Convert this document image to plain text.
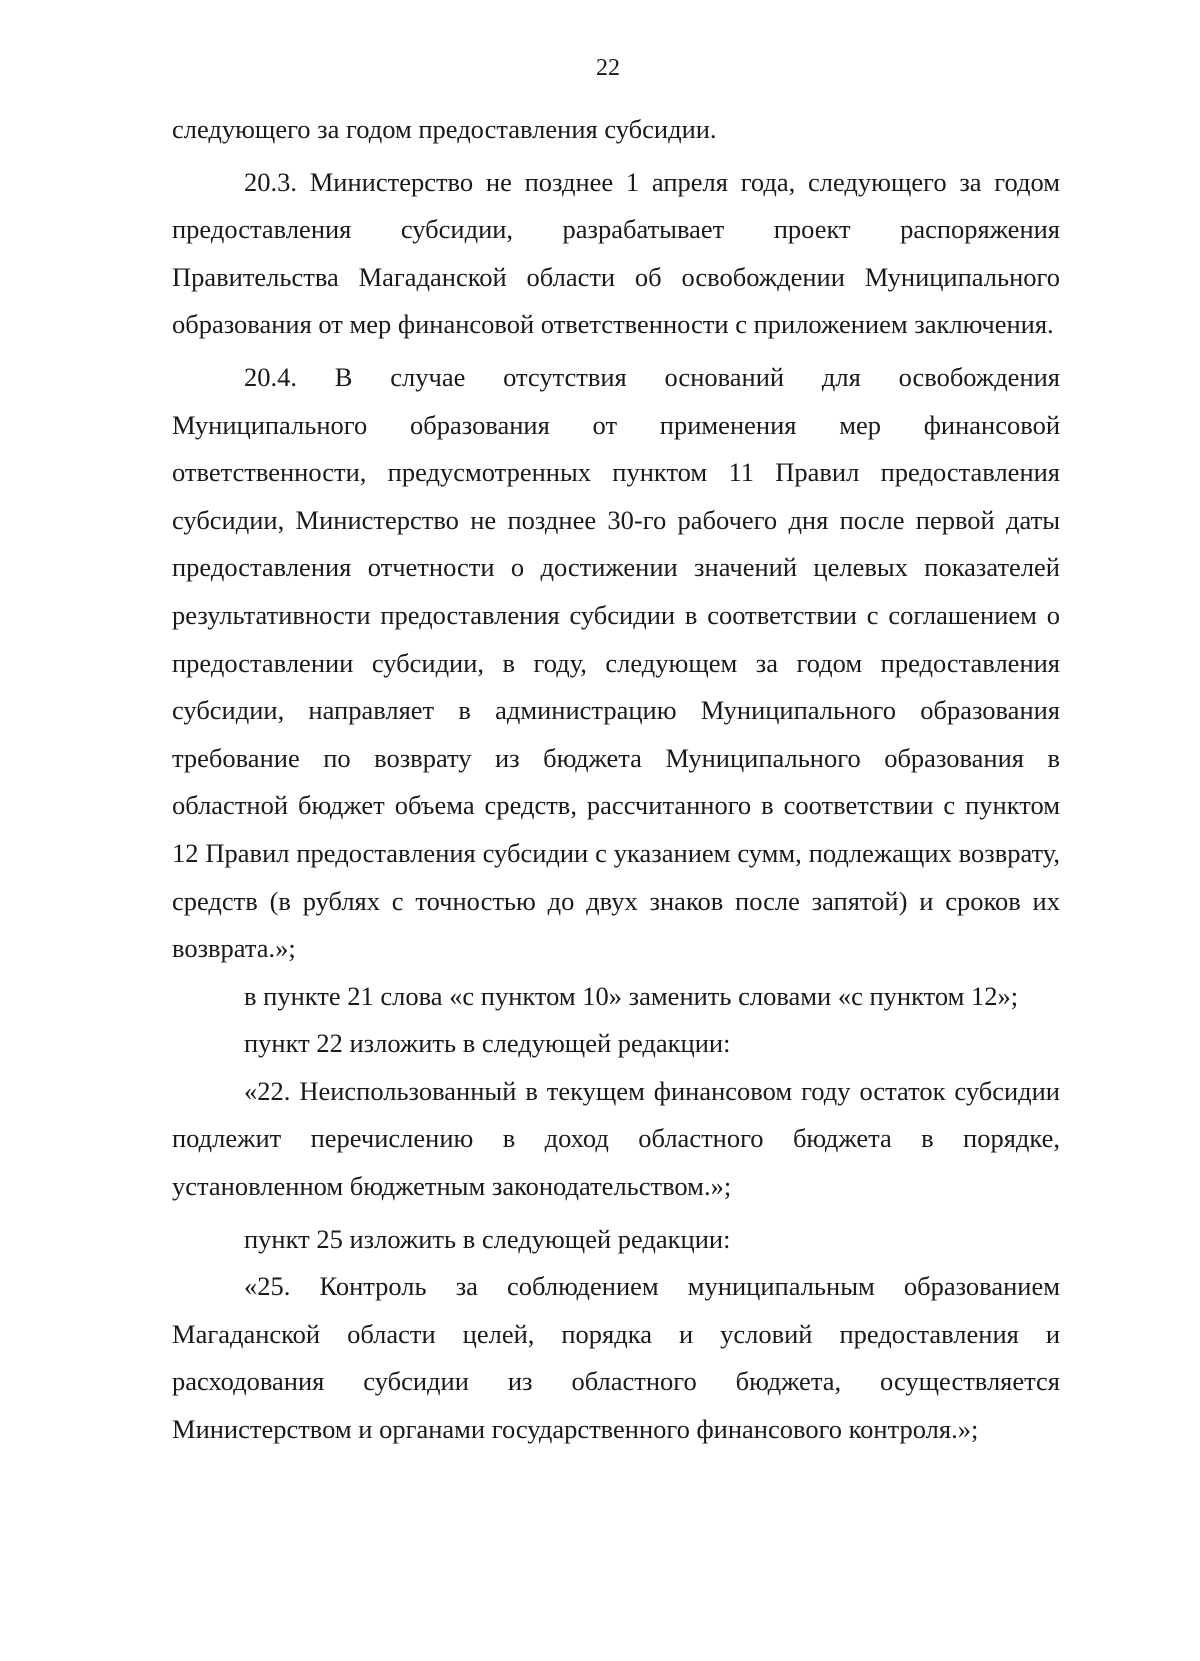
22

следующего за годом предоставления субсидии.

20.3. Министерство не позднее 1 апреля года, следующего за годом предоставления субсидии, разрабатывает проект распоряжения Правительства Магаданской области об освобождении Муниципального образования от мер финансовой ответственности с приложением заключения.

20.4. В случае отсутствия оснований для освобождения Муниципального образования от применения мер финансовой ответственности, предусмотренных пунктом 11 Правил предоставления субсидии, Министерство не позднее 30-го рабочего дня после первой даты предоставления отчетности о достижении значений целевых показателей результативности предоставления субсидии в соответствии с соглашением о предоставлении субсидии, в году, следующем за годом предоставления субсидии, направляет в администрацию Муниципального образования требование по возврату из бюджета Муниципального образования в областной бюджет объема средств, рассчитанного в соответствии с пунктом 12 Правил предоставления субсидии с указанием сумм, подлежащих возврату, средств (в рублях с точностью до двух знаков после запятой) и сроков их возврата.»;

в пункте 21 слова «с пунктом 10» заменить словами «с пунктом 12»;

пункт 22 изложить в следующей редакции:

«22. Неиспользованный в текущем финансовом году остаток субсидии подлежит перечислению в доход областного бюджета в порядке, установленном бюджетным законодательством.»;

пункт 25 изложить в следующей редакции:

«25. Контроль за соблюдением муниципальным образованием Магаданской области целей, порядка и условий предоставления и расходования субсидии из областного бюджета, осуществляется Министерством и органами государственного финансового контроля.»;
